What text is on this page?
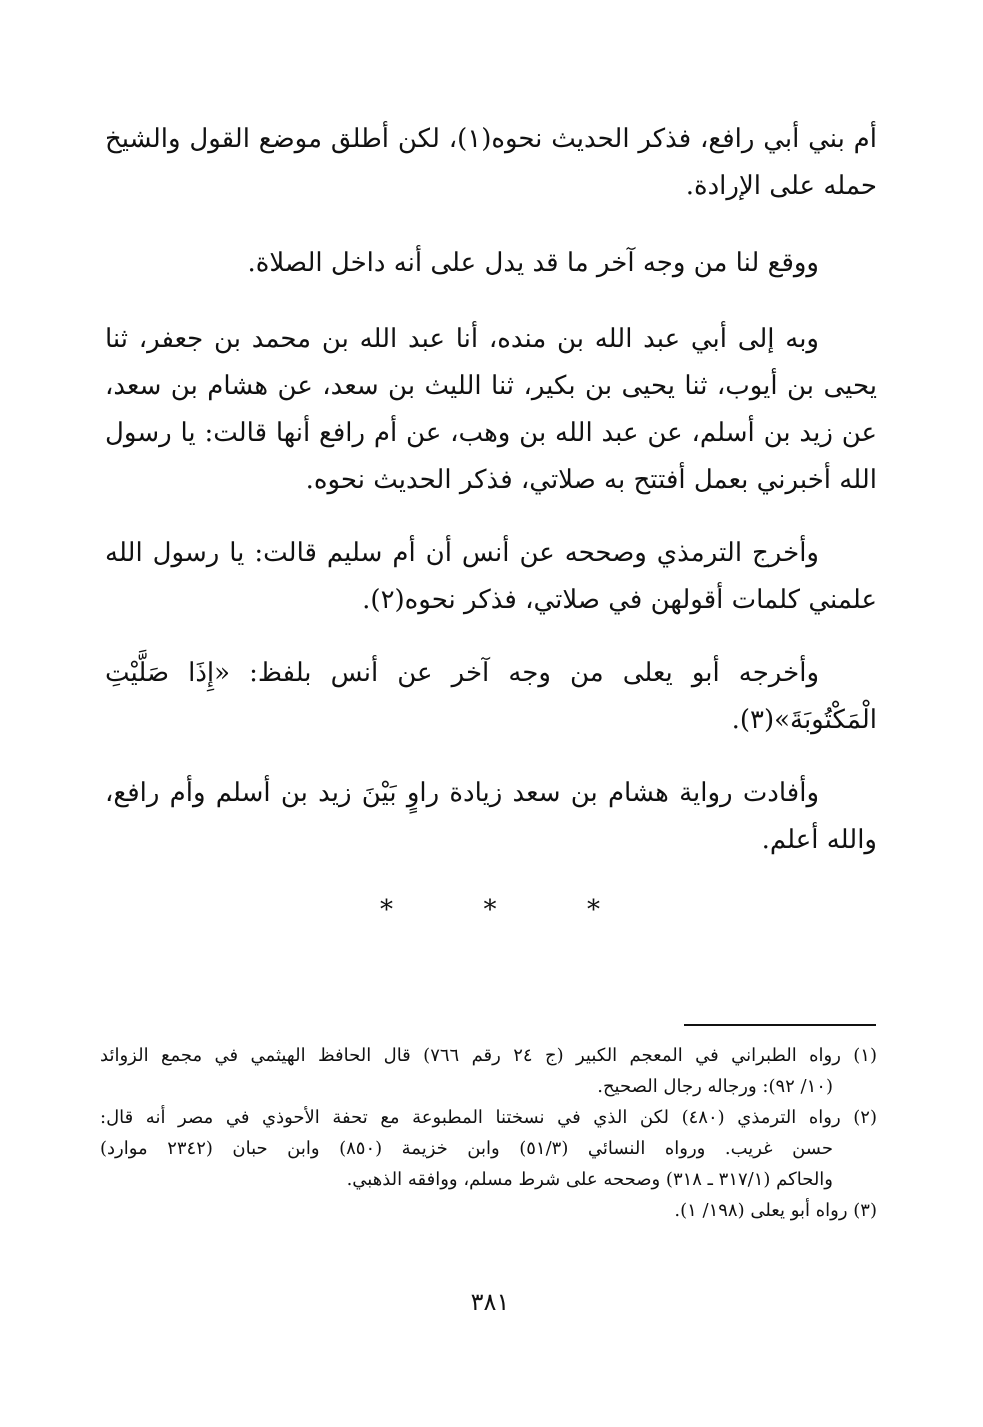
أم بني أبي رافع، فذكر الحديث نحوه(١)، لكن أطلق موضع القول والشيخ
حمله على الإرادة.
ووقع لنا من وجه آخر ما قد يدل على أنه داخل الصلاة.
وبه إلى أبي عبد الله بن منده، أنا عبد الله بن محمد بن جعفر، ثنا
يحيى بن أيوب، ثنا يحيى بن بكير، ثنا الليث بن سعد، عن هشام بن سعد،
عن زيد بن أسلم، عن عبد الله بن وهب، عن أم رافع أنها قالت: يا رسول
الله أخبرني بعمل أفتتح به صلاتي، فذكر الحديث نحوه.
وأخرج الترمذي وصححه عن أنس أن أم سليم قالت: يا رسول الله
علمني كلمات أقولهن في صلاتي، فذكر نحوه(٢).
وأخرجه أبو يعلى من وجه آخر عن أنس بلفظ: «إِذَا صَلَّيْتِ
الْمَكْتُوبَةَ»(٣).
وأفادت رواية هشام بن سعد زيادة راوٍ بَيْنَ زيد بن أسلم وأم رافع،
والله أعلم.
*	*	*
(١) رواه الطبراني في المعجم الكبير (ج ٢٤ رقم ٧٦٦) قال الحافظ الهيثمي في مجمع الزوائد
(١٠/ ٩٢): ورجاله رجال الصحيح.
(٢) رواه الترمذي (٤٨٠) لكن الذي في نسختنا المطبوعة مع تحفة الأحوذي في مصر أنه قال:
حسن غريب. ورواه النسائي (٥١/٣) وابن خزيمة (٨٥٠) وابن حبان (٢٣٤٢ موارد)
والحاكم (٣١٧/١ ـ ٣١٨) وصححه على شرط مسلم، ووافقه الذهبي.
(٣) رواه أبو يعلى (١٩٨/ ١).
٣٨١
